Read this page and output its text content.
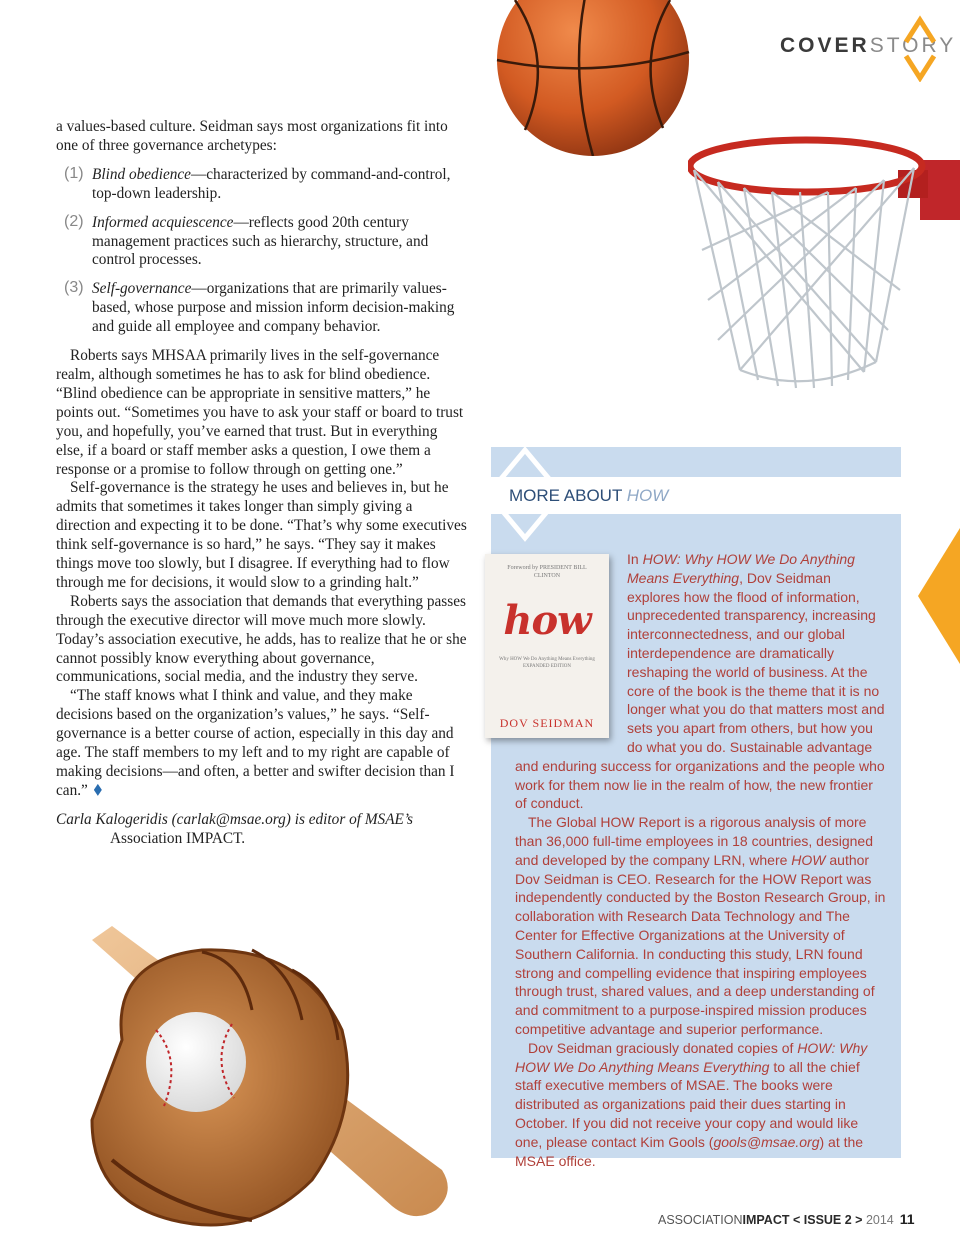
COVERSTORY

a values-based culture. Seidman says most organizations fit into one of three governance archetypes:

(1) Blind obedience—characterized by command-and-control, top-down leadership.
(2) Informed acquiescence—reflects good 20th century management practices such as hierarchy, structure, and control processes.
(3) Self-governance—organizations that are primarily values-based, whose purpose and mission inform decision-making and guide all employee and company behavior.

Roberts says MHSAA primarily lives in the self-governance realm, although sometimes he has to ask for blind obedience. “Blind obedience can be appropriate in sensitive matters,” he points out. “Sometimes you have to ask your staff or board to trust you, and hopefully, you’ve earned that trust. But in everything else, if a board or staff member asks a question, I owe them a response or a promise to follow through on getting one.”

Self-governance is the strategy he uses and believes in, but he admits that sometimes it takes longer than simply giving a direction and expecting it to be done. “That’s why some executives think self-governance is so hard,” he says. “They say it makes things move too slowly, but I disagree. If everything had to flow through me for decisions, it would slow to a grinding halt.”

Roberts says the association that demands that everything passes through the executive director will move much more slowly. Today’s association executive, he adds, has to realize that he or she cannot possibly know everything about governance, communications, social media, and the industry they serve.

“The staff knows what I think and value, and they make decisions based on the organization’s values,” he says. “Self-governance is a better course of action, especially in this day and age. The staff members to my left and to my right are capable of making decisions—and often, a better and swifter decision than I can.”

Carla Kalogeridis (carlak@msae.org) is editor of MSAE’s
Association IMPACT.

MORE ABOUT HOW
Foreword by PRESIDENT BILL CLINTON
how
Why HOW We Do Anything Means Everything
EXPANDED EDITION
DOV SEIDMAN

In HOW: Why HOW We Do Anything Means Everything, Dov Seidman explores how the flood of information, unprecedented transparency, increasing interconnectedness, and our global interdependence are dramatically reshaping the world of business. At the core of the book is the theme that it is no longer what you do that matters most and sets you apart from others, but how you do what you do. Sustainable advantage and enduring success for organizations and the people who work for them now lie in the realm of how, the new frontier of conduct.

The Global HOW Report is a rigorous analysis of more than 36,000 full-time employees in 18 countries, designed and developed by the company LRN, where HOW author Dov Seidman is CEO. Research for the HOW Report was independently conducted by the Boston Research Group, in collaboration with Research Data Technology and The Center for Effective Organizations at the University of Southern California. In conducting this study, LRN found strong and compelling evidence that inspiring employees through trust, shared values, and a deep understanding of and commitment to a purpose-inspired mission produces competitive advantage and superior performance.

Dov Seidman graciously donated copies of HOW: Why HOW We Do Anything Means Everything to all the chief staff executive members of MSAE. The books were distributed as organizations paid their dues starting in October. If you did not receive your copy and would like one, please contact Kim Gools (gools@msae.org) at the MSAE office.

ASSOCIATIONIMPACT < ISSUE 2 > 2014 11
